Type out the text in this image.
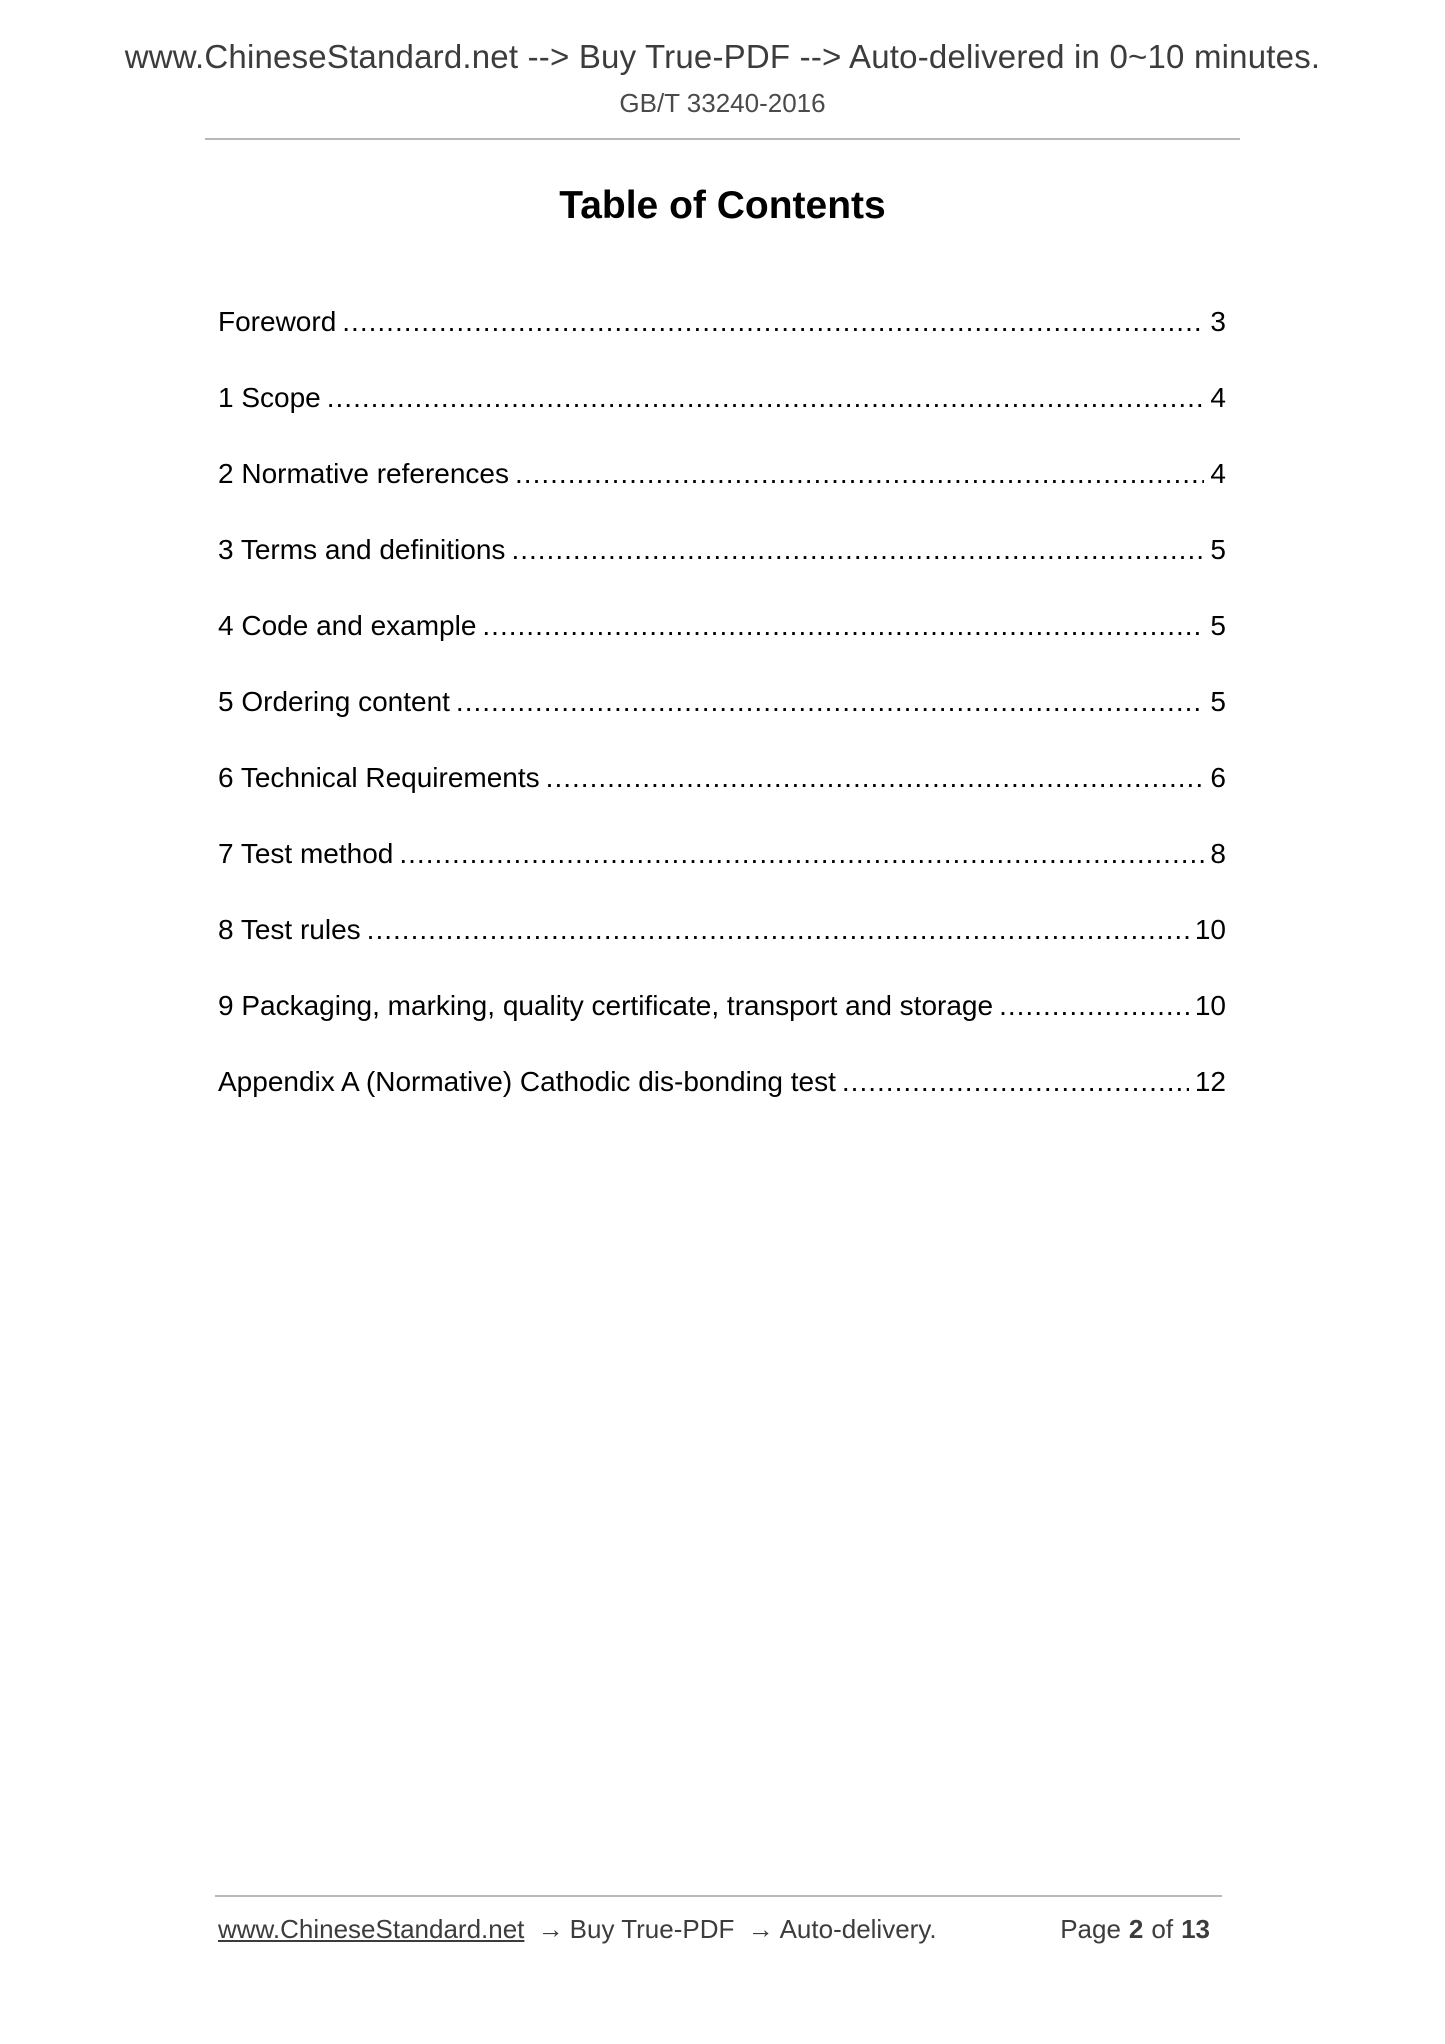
www.ChineseStandard.net --> Buy True-PDF --> Auto-delivered in 0~10 minutes.
GB/T 33240-2016
Table of Contents
Foreword .....	3
1 Scope .....	4
2 Normative references .....	4
3 Terms and definitions .....	5
4 Code and example .....	5
5 Ordering content .....	5
6 Technical Requirements .....	6
7 Test method .....	8
8 Test rules .....	10
9 Packaging, marking, quality certificate, transport and storage .....	10
Appendix A (Normative) Cathodic dis-bonding test .....	12
www.ChineseStandard.net → Buy True-PDF → Auto-delivery.	Page 2 of 13
